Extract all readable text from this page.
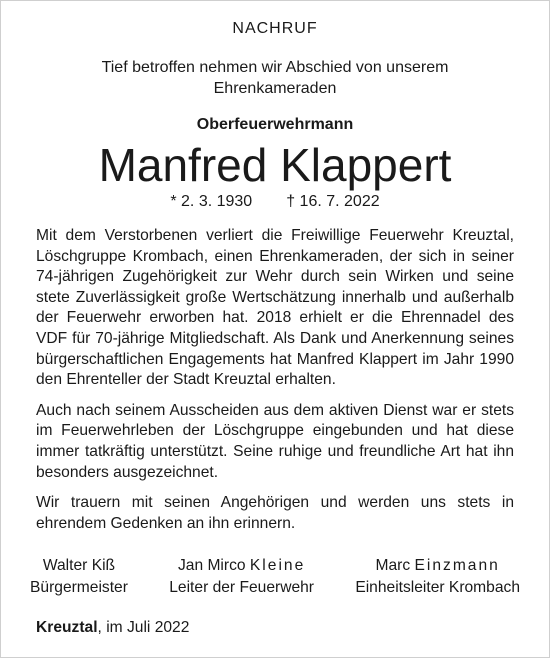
NACHRUF
Tief betroffen nehmen wir Abschied von unserem
Ehrenkameraden
Oberfeuerwehrmann
Manfred Klappert
* 2. 3. 1930 † 16. 7. 2022

Mit dem Verstorbenen verliert die Freiwillige Feuerwehr Kreuztal, Löschgruppe Krombach, einen Ehrenkameraden, der sich in seiner 74-jährigen Zugehörigkeit zur Wehr durch sein Wirken und seine stete Zuverlässigkeit große Wertschätzung innerhalb und außerhalb der Feuerwehr erworben hat. 2018 erhielt er die Ehrennadel des VDF für 70-jährige Mitgliedschaft. Als Dank und Anerkennung seines bürgerschaftlichen Engagements hat Manfred Klappert im Jahr 1990 den Ehrenteller der Stadt Kreuztal erhalten.

Auch nach seinem Ausscheiden aus dem aktiven Dienst war er stets im Feuerwehrleben der Löschgruppe eingebunden und hat diese immer tatkräftig unterstützt. Seine ruhige und freundliche Art hat ihn besonders ausgezeichnet.

Wir trauern mit seinen Angehörigen und werden uns stets in ehrendem Gedenken an ihn erinnern.

Walter Kiß
Bürgermeister
Jan Mirco Kleine
Leiter der Feuerwehr
Marc Einzmann
Einheitsleiter Krombach
Kreuztal, im Juli 2022
